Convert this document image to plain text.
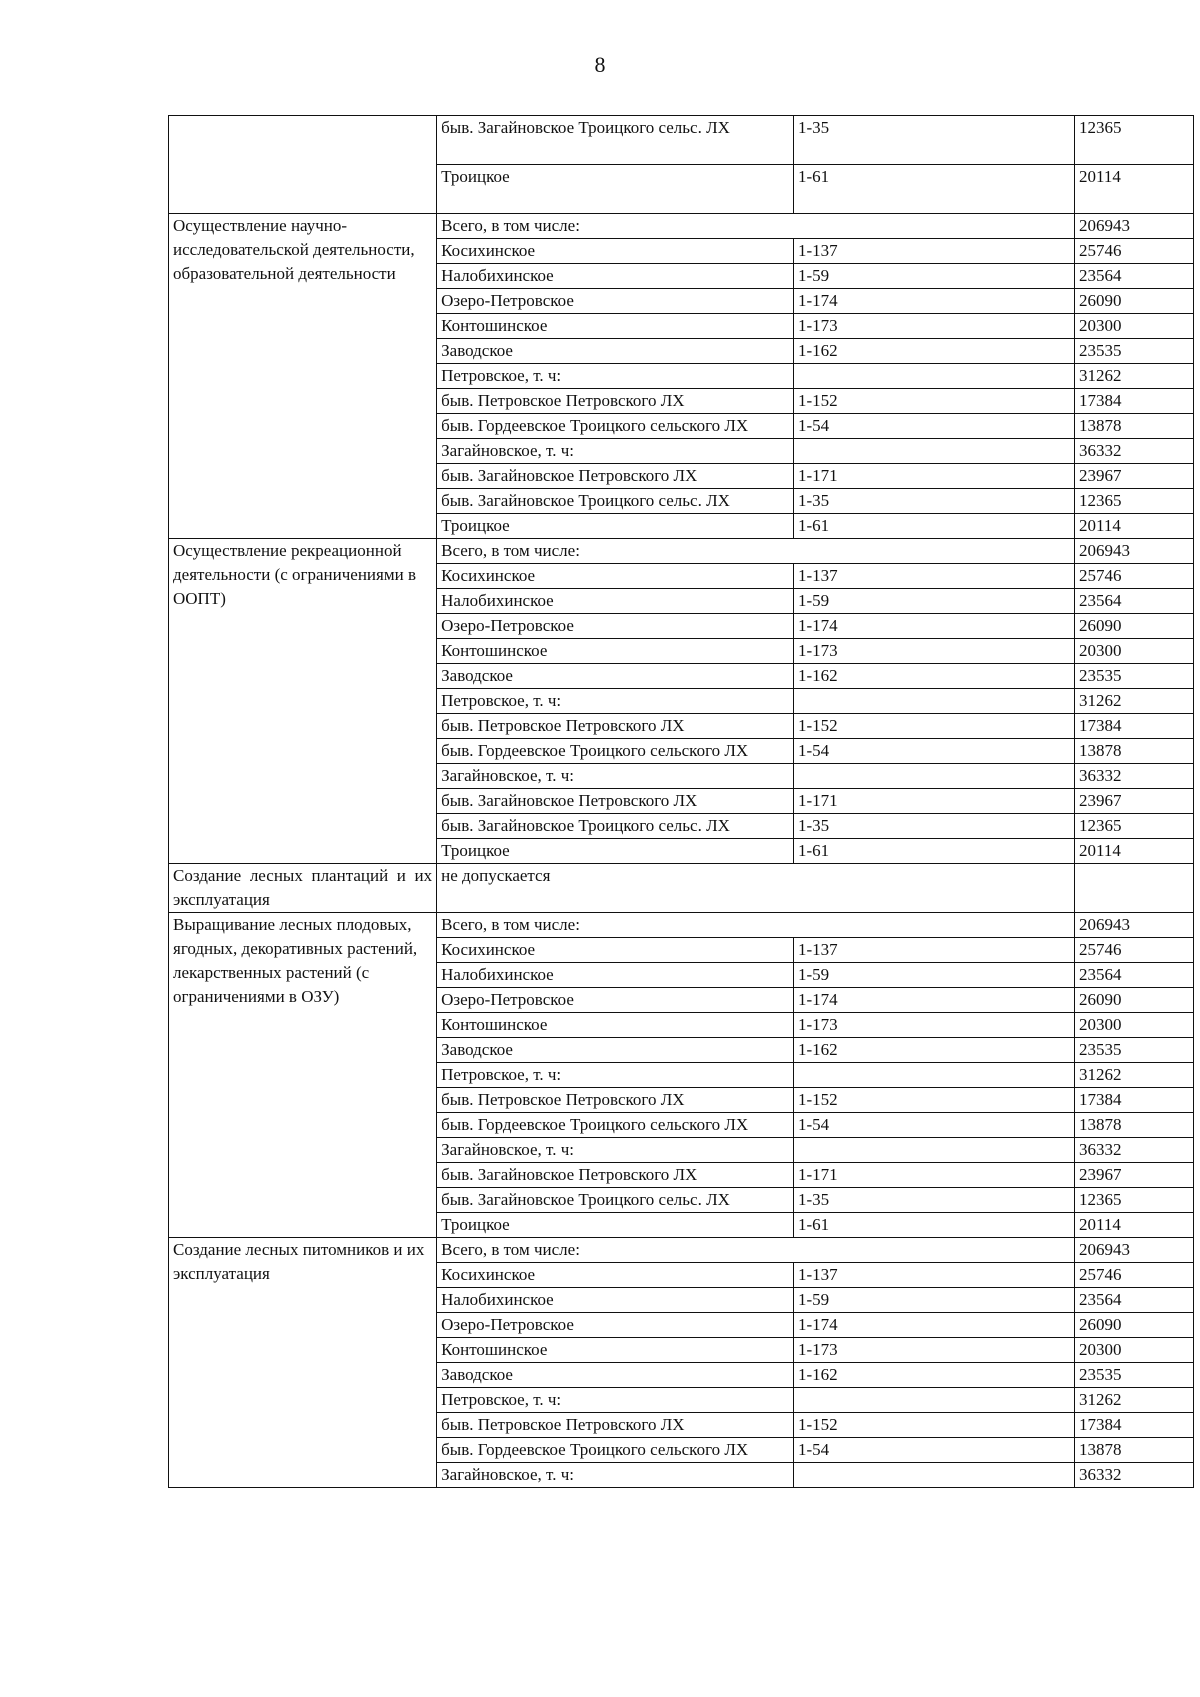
8
	быв. Загайновское Троицкого сельс. ЛХ	1-35	12365
	Троицкое	1-61	20114
Осуществление научно-исследовательской деятельности, образовательной деятельности	Всего, в том числе:		206943
	Косихинское	1-137	25746
	Налобихинское	1-59	23564
	Озеро-Петровское	1-174	26090
	Контошинское	1-173	20300
	Заводское	1-162	23535
	Петровское, т. ч:		31262
	быв. Петровское Петровского ЛХ	1-152	17384
	быв. Гордеевское Троицкого сельского ЛХ	1-54	13878
	Загайновское, т. ч:		36332
	быв. Загайновское Петровского ЛХ	1-171	23967
	быв. Загайновское Троицкого сельс. ЛХ	1-35	12365
	Троицкое	1-61	20114
Осуществление рекреационной деятельности (с ограничениями в ООПТ)	Всего, в том числе:		206943
	Косихинское	1-137	25746
	Налобихинское	1-59	23564
	Озеро-Петровское	1-174	26090
	Контошинское	1-173	20300
	Заводское	1-162	23535
	Петровское, т. ч:		31262
	быв. Петровское Петровского ЛХ	1-152	17384
	быв. Гордеевское Троицкого сельского ЛХ	1-54	13878
	Загайновское, т. ч:		36332
	быв. Загайновское Петровского ЛХ	1-171	23967
	быв. Загайновское Троицкого сельс. ЛХ	1-35	12365
	Троицкое	1-61	20114
Создание лесных плантаций и их эксплуатация	не допускается		
Выращивание лесных плодовых, ягодных, декоративных растений, лекарственных растений (с ограничениями в ОЗУ)	Всего, в том числе:		206943
	Косихинское	1-137	25746
	Налобихинское	1-59	23564
	Озеро-Петровское	1-174	26090
	Контошинское	1-173	20300
	Заводское	1-162	23535
	Петровское, т. ч:		31262
	быв. Петровское Петровского ЛХ	1-152	17384
	быв. Гордеевское Троицкого сельского ЛХ	1-54	13878
	Загайновское, т. ч:		36332
	быв. Загайновское Петровского ЛХ	1-171	23967
	быв. Загайновское Троицкого сельс. ЛХ	1-35	12365
	Троицкое	1-61	20114
Создание лесных питомников и их эксплуатация	Всего, в том числе:		206943
	Косихинское	1-137	25746
	Налобихинское	1-59	23564
	Озеро-Петровское	1-174	26090
	Контошинское	1-173	20300
	Заводское	1-162	23535
	Петровское, т. ч:		31262
	быв. Петровское Петровского ЛХ	1-152	17384
	быв. Гордеевское Троицкого сельского ЛХ	1-54	13878
	Загайновское, т. ч:		36332
